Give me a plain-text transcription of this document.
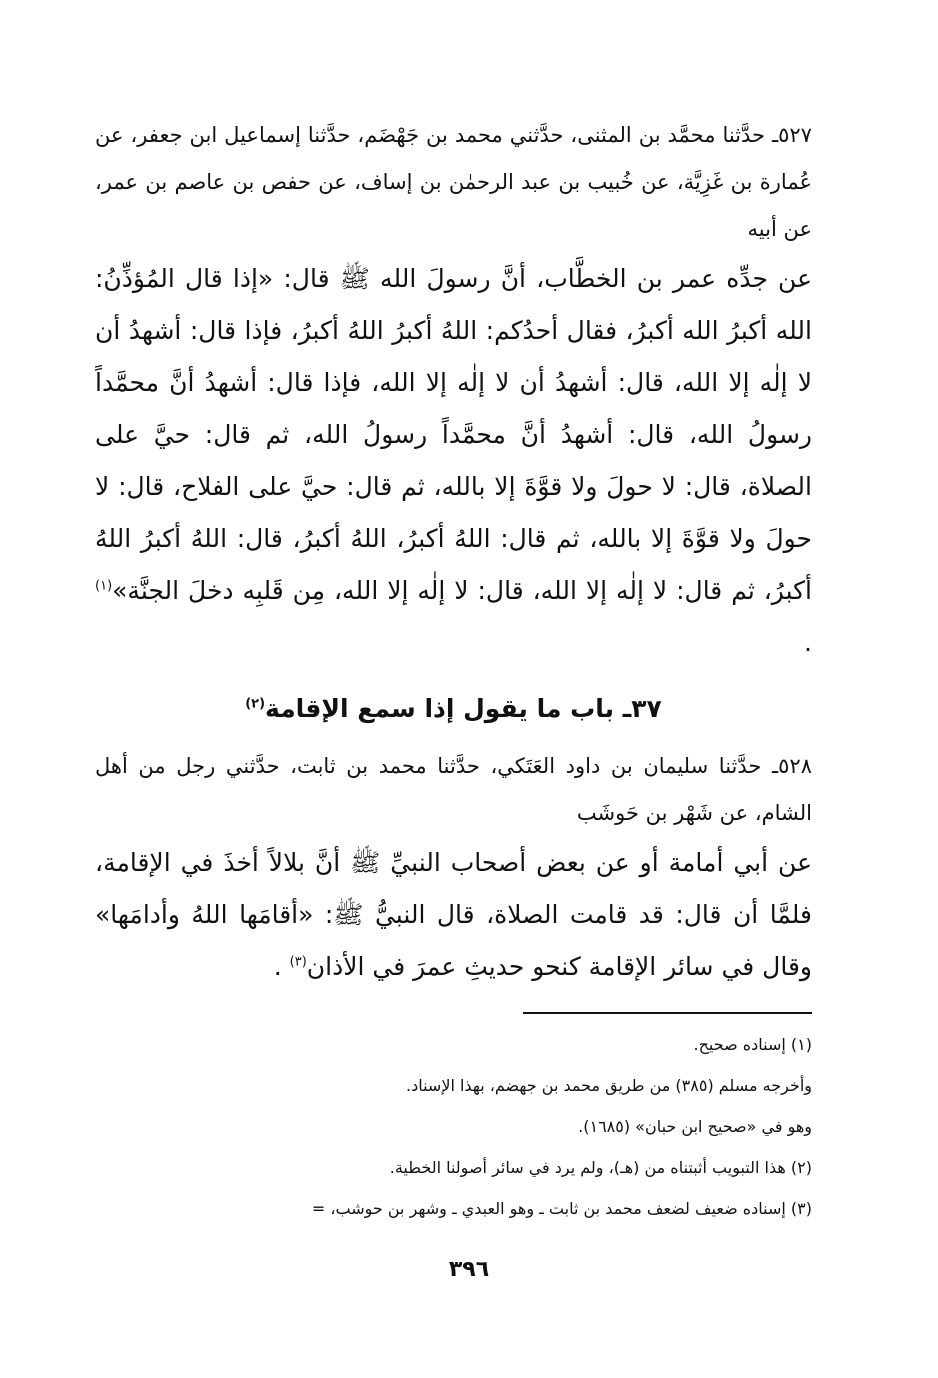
٥٢٧ـ حدَّثنا محمَّد بن المثنى، حدَّثني محمد بن جَهْضَم، حدَّثنا إسماعيل ابن جعفر، عن عُمارة بن غَزِيَّة، عن خُبيب بن عبد الرحمٰن بن إساف، عن حفص بن عاصم بن عمر، عن أبيه

عن جدِّه عمر بن الخطَّاب، أنَّ رسولَ الله ﷺ قال: «إذا قال المُؤذِّنُ: الله أكبرُ الله أكبرُ، فقال أحدُكم: اللهُ أكبرُ اللهُ أكبرُ، فإذا قال: أشهدُ أن لا إلٰه إلا الله، قال: أشهدُ أن لا إلٰه إلا الله، فإذا قال: أشهدُ أنَّ محمَّداً رسولُ الله، قال: أشهدُ أنَّ محمَّداً رسولُ الله، ثم قال: حيَّ على الصلاة، قال: لا حولَ ولا قوَّةَ إلا بالله، ثم قال: حيَّ على الفلاح، قال: لا حولَ ولا قوَّةَ إلا بالله، ثم قال: اللهُ أكبرُ، اللهُ أكبرُ، قال: اللهُ أكبرُ اللهُ أكبرُ، ثم قال: لا إلٰه إلا الله، قال: لا إلٰه إلا الله، مِن قَلبِه دخلَ الجنَّة»$^{(١)}$ .

٣٧ـ باب ما يقول إذا سمع الإقامة$^{(٢)}$

٥٢٨ـ حدَّثنا سليمان بن داود العَتَكي، حدَّثنا محمد بن ثابت، حدَّثني رجل من أهل الشام، عن شَهْر بن حَوشَب

عن أبي أمامة أو عن بعض أصحاب النبيِّ ﷺ أنَّ بلالاً أخذَ في الإقامة، فلمَّا أن قال: قد قامت الصلاة، قال النبيُّ ﷺ: «أقامَها اللهُ وأدامَها» وقال في سائر الإقامة كنحو حديثِ عمرَ في الأذان$^{(٣)}$ .

(١) إسناده صحيح.
وأخرجه مسلم (٣٨٥) من طريق محمد بن جهضم، بهذا الإسناد.
وهو في «صحيح ابن حبان» (١٦٨٥).
(٢) هذا التبويب أثبتناه من (هـ)، ولم يرد في سائر أصولنا الخطية.
(٣) إسناده ضعيف لضعف محمد بن ثابت ـ وهو العبدي ـ وشهر بن حوشب، =
٣٩٦
